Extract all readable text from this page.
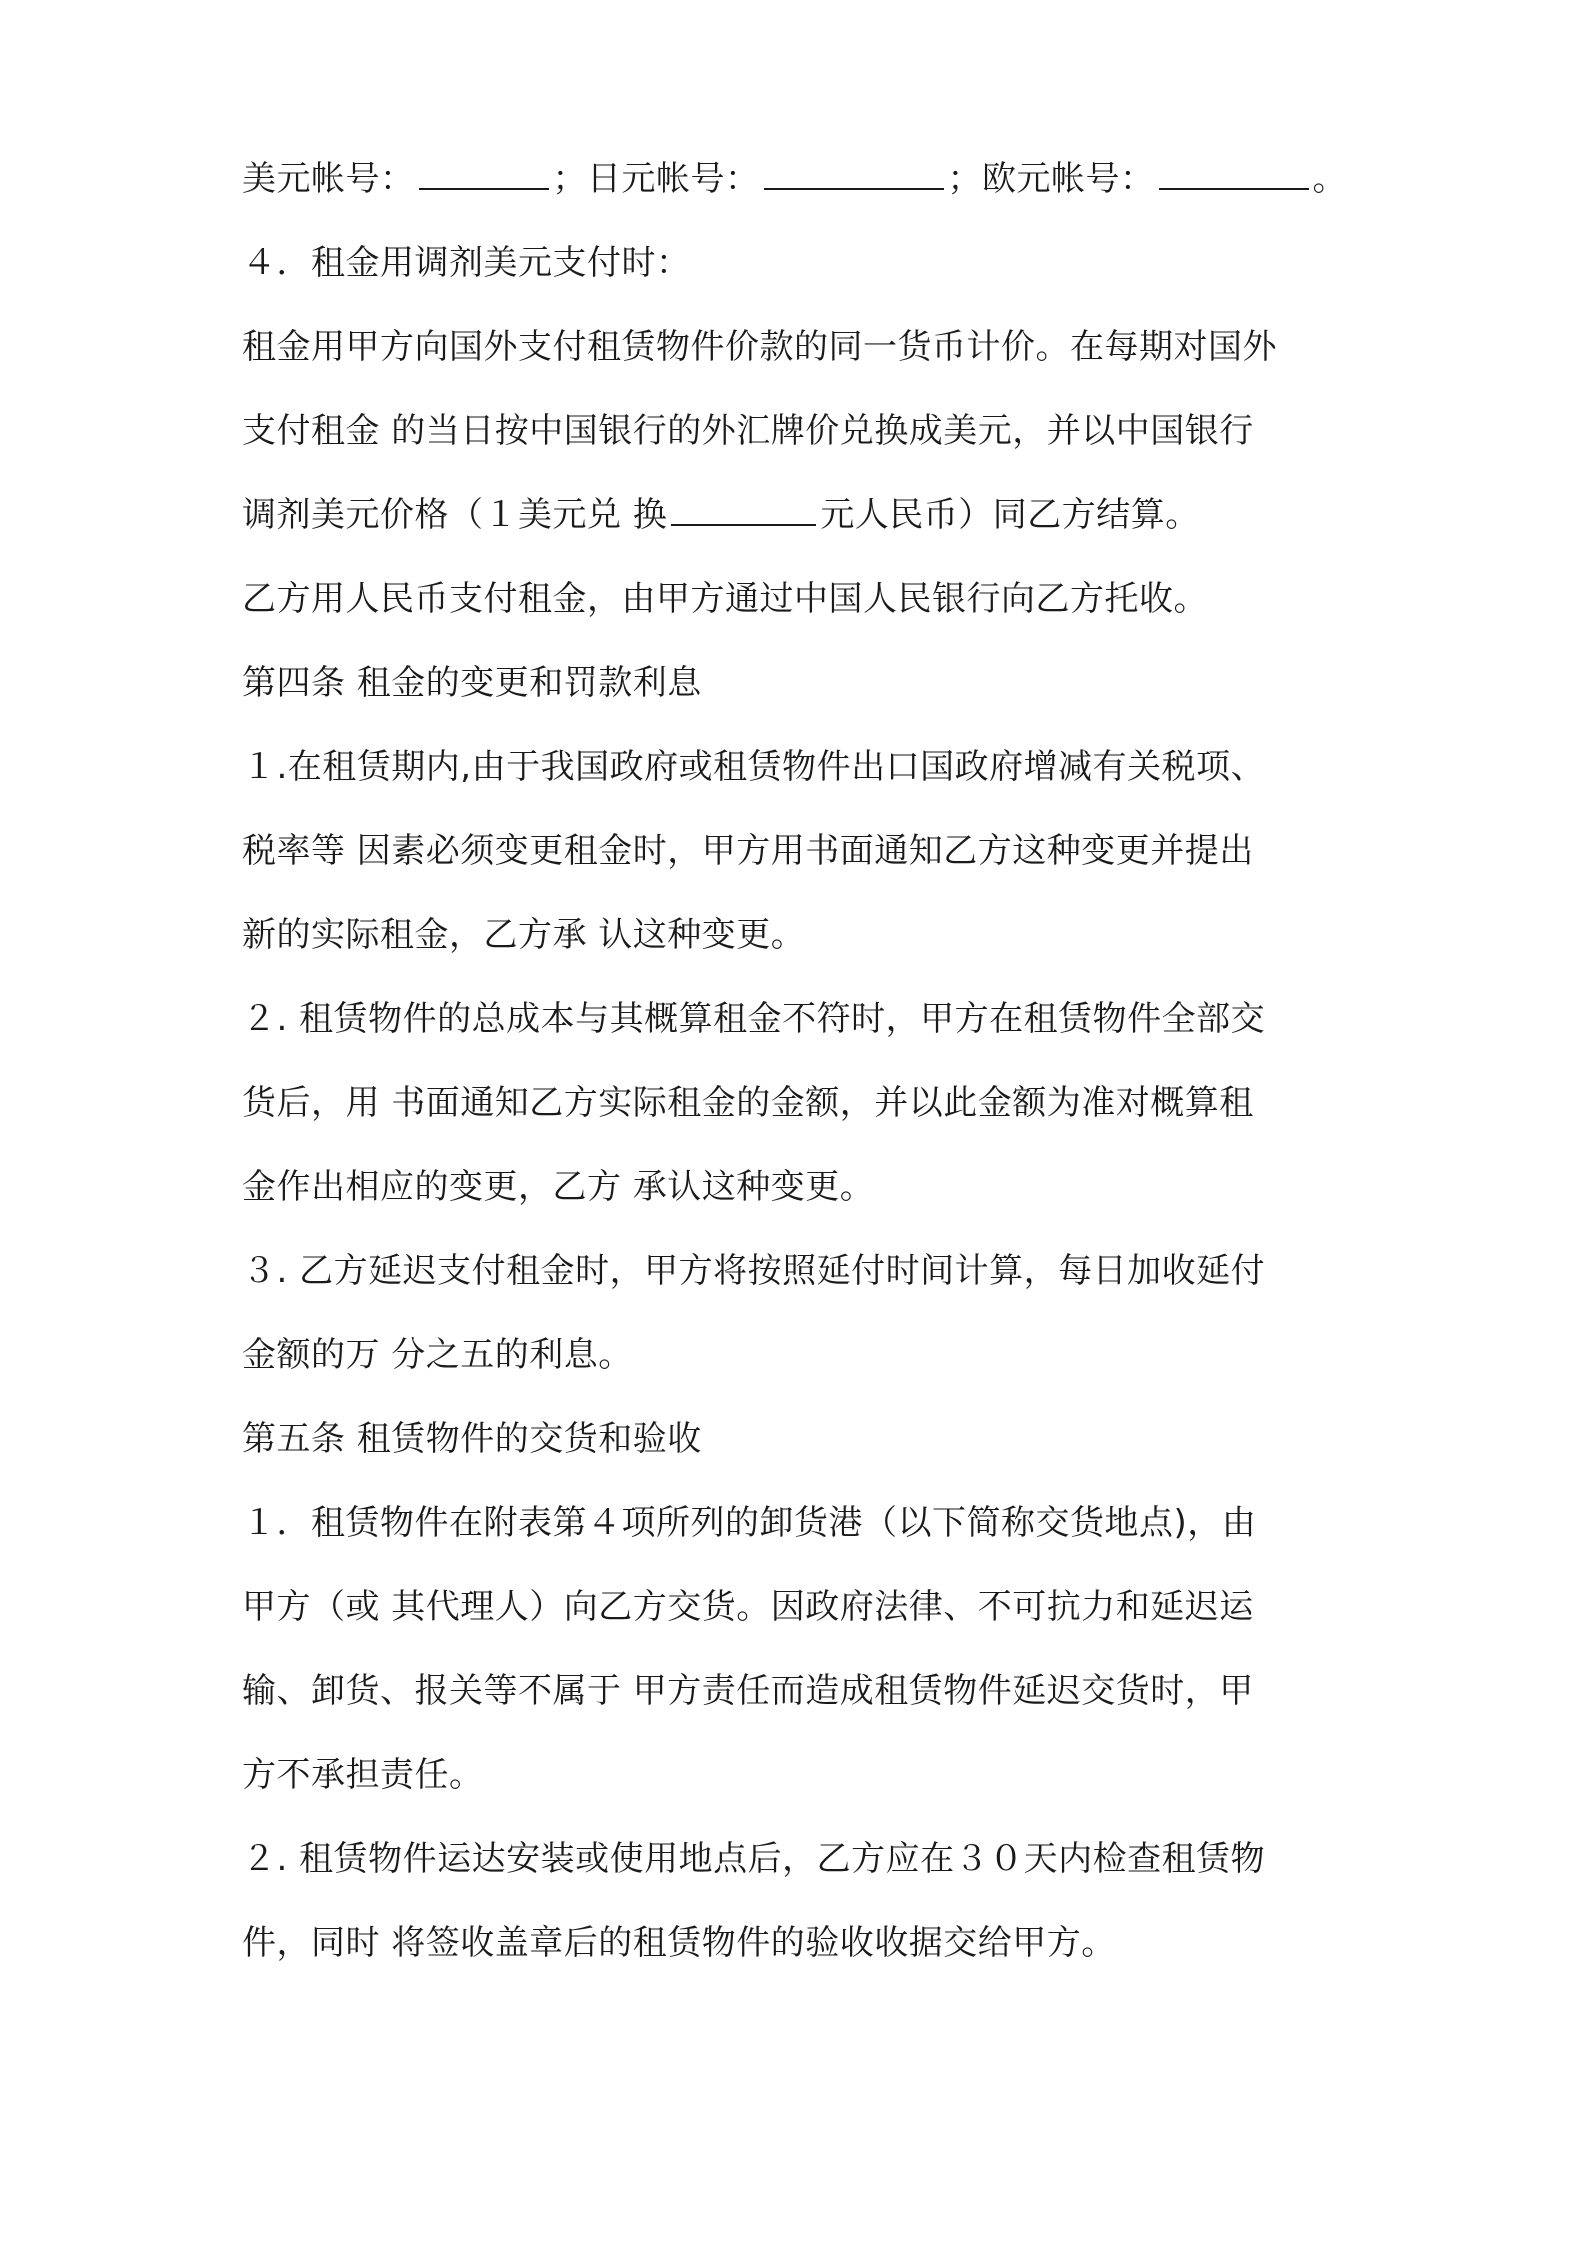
美元帐号：	；日元帐号：	；欧元帐号：	。
４．租金用调剂美元支付时：
租金用甲方向国外支付租赁物件价款的同一货币计价。在每期对国外
支付租金 的当日按中国银行的外汇牌价兑换成美元，并以中国银行
调剂美元价格（１美元兑 换	元人民币）同乙方结算。
乙方用人民币支付租金，由甲方通过中国人民银行向乙方托收。
第四条 租金的变更和罚款利息
１.在租赁期内,由于我国政府或租赁物件出口国政府增减有关税项、
税率等 因素必须变更租金时，甲方用书面通知乙方这种变更并提出
新的实际租金，乙方承 认这种变更。
２. 租赁物件的总成本与其概算租金不符时，甲方在租赁物件全部交
货后，用 书面通知乙方实际租金的金额，并以此金额为准对概算租
金作出相应的变更，乙方 承认这种变更。
３. 乙方延迟支付租金时，甲方将按照延付时间计算，每日加收延付
金额的万 分之五的利息。
第五条 租赁物件的交货和验收
１．租赁物件在附表第４项所列的卸货港（以下简称交货地点)，由
甲方（或 其代理人）向乙方交货。因政府法律、不可抗力和延迟运
输、卸货、报关等不属于 甲方责任而造成租赁物件延迟交货时，甲
方不承担责任。
２. 租赁物件运达安装或使用地点后，乙方应在３０天内检查租赁物
件，同时 将签收盖章后的租赁物件的验收收据交给甲方。
